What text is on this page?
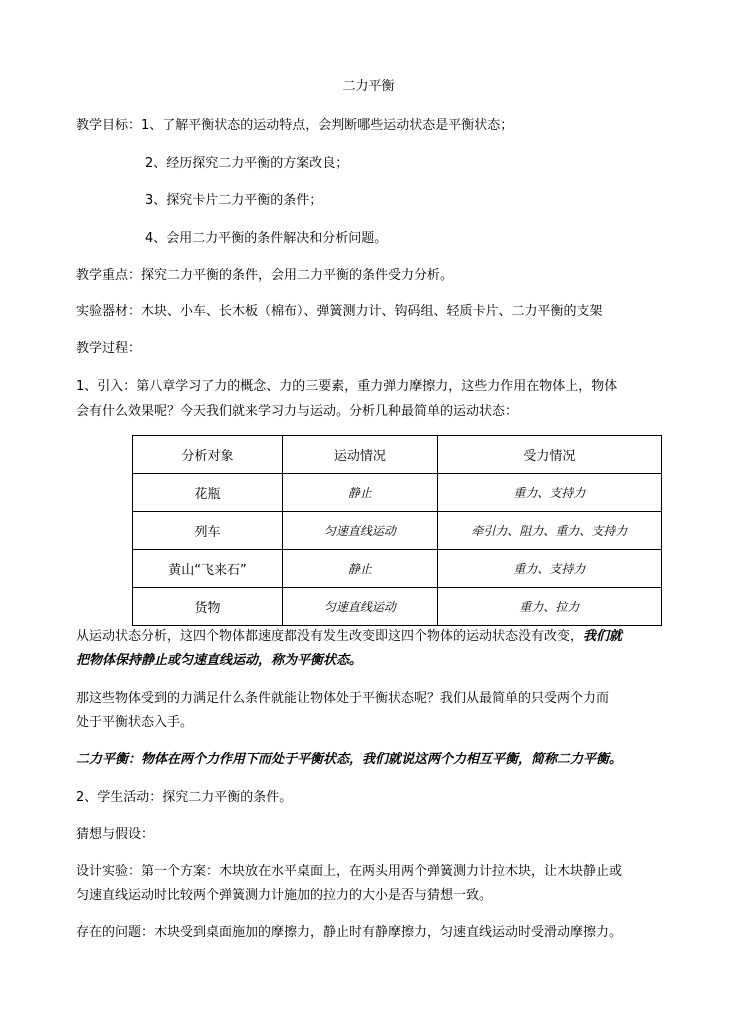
二力平衡
教学目标：1、了解平衡状态的运动特点，会判断哪些运动状态是平衡状态；
2、经历探究二力平衡的方案改良；
3、探究卡片二力平衡的条件；
4、会用二力平衡的条件解决和分析问题。
教学重点：探究二力平衡的条件，会用二力平衡的条件受力分析。
实验器材：木块、小车、长木板（棉布）、弹簧测力计、钩码组、轻质卡片、二力平衡的支架
教学过程：
1、引入：第八章学习了力的概念、力的三要素，重力弹力摩擦力，这些力作用在物体上，物体
会有什么效果呢？今天我们就来学习力与运动。分析几种最简单的运动状态：
分析对象	运动情况	受力情况
花瓶	静止	重力、支持力
列车	匀速直线运动	牵引力、阻力、重力、支持力
黄山“飞来石”	静止	重力、支持力
货物	匀速直线运动	重力、拉力
从运动状态分析，这四个物体都速度都没有发生改变即这四个物体的运动状态没有改变，我们就
把物体保持静止或匀速直线运动，称为平衡状态。
那这些物体受到的力满足什么条件就能让物体处于平衡状态呢？我们从最简单的只受两个力而
处于平衡状态入手。
二力平衡：物体在两个力作用下而处于平衡状态，我们就说这两个力相互平衡，简称二力平衡。
2、学生活动：探究二力平衡的条件。
猜想与假设：
设计实验：第一个方案：木块放在水平桌面上，在两头用两个弹簧测力计拉木块，让木块静止或
匀速直线运动时比较两个弹簧测力计施加的拉力的大小是否与猜想一致。
存在的问题：木块受到桌面施加的摩擦力，静止时有静摩擦力，匀速直线运动时受滑动摩擦力。
